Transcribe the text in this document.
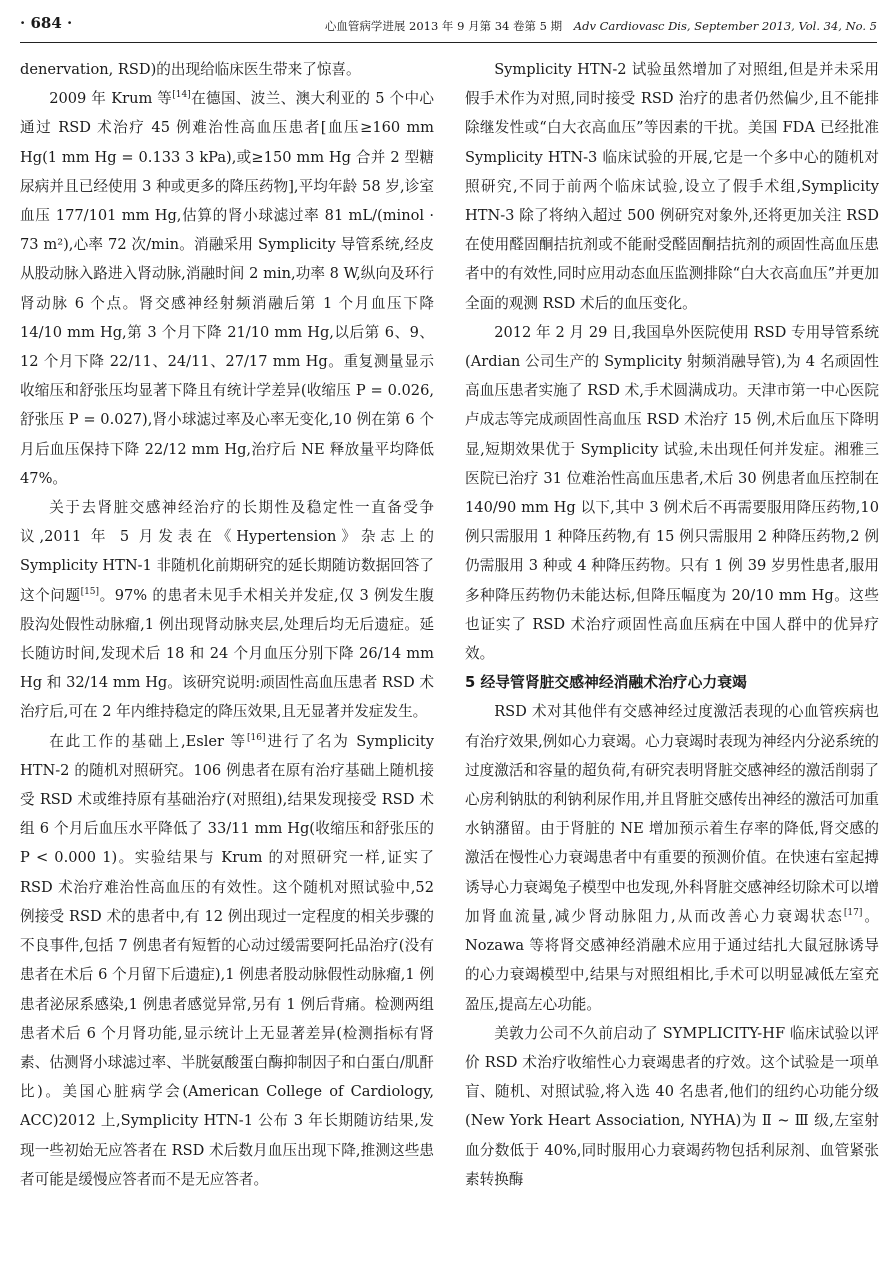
· 684 ·	心血管病学进展 2013 年 9 月第 34 卷第 5 期 Adv Cardiovasc Dis, September 2013, Vol. 34, No. 5

denervation, RSD)的出现给临床医生带来了惊喜。

2009 年 Krum 等[14]在德国、波兰、澳大利亚的 5 个中心通过 RSD 术治疗 45 例难治性高血压患者[血压≥160 mm Hg(1 mm Hg = 0.133 3 kPa),或≥150 mm Hg 合并 2 型糖尿病并且已经使用 3 种或更多的降压药物],平均年龄 58 岁,诊室血压 177/101 mm Hg,估算的肾小球滤过率 81 mL/(minol · 73 m²),心率 72 次/min。消融采用 Symplicity 导管系统,经皮从股动脉入路进入肾动脉,消融时间 2 min,功率 8 W,纵向及环行肾动脉 6 个点。肾交感神经射频消融后第 1 个月血压下降 14/10 mm Hg,第 3 个月下降 21/10 mm Hg,以后第 6、9、12 个月下降 22/11、24/11、27/17 mm Hg。重复测量显示收缩压和舒张压均显著下降且有统计学差异(收缩压 P = 0.026,舒张压 P = 0.027),肾小球滤过率及心率无变化,10 例在第 6 个月后血压保持下降 22/12 mm Hg,治疗后 NE 释放量平均降低 47%。

关于去肾脏交感神经治疗的长期性及稳定性一直备受争议,2011 年 5 月发表在《Hypertension》杂志上的 Symplicity HTN-1 非随机化前期研究的延长期随访数据回答了这个问题[15]。97% 的患者未见手术相关并发症,仅 3 例发生腹股沟处假性动脉瘤,1 例出现肾动脉夹层,处理后均无后遗症。延长随访时间,发现术后 18 和 24 个月血压分别下降 26/14 mm Hg 和 32/14 mm Hg。该研究说明:顽固性高血压患者 RSD 术治疗后,可在 2 年内维持稳定的降压效果,且无显著并发症发生。

在此工作的基础上,Esler 等[16]进行了名为 Symplicity HTN-2 的随机对照研究。106 例患者在原有治疗基础上随机接受 RSD 术或维持原有基础治疗(对照组),结果发现接受 RSD 术组 6 个月后血压水平降低了 33/11 mm Hg(收缩压和舒张压的 P < 0.000 1)。实验结果与 Krum 的对照研究一样,证实了 RSD 术治疗难治性高血压的有效性。这个随机对照试验中,52 例接受 RSD 术的患者中,有 12 例出现过一定程度的相关步骤的不良事件,包括 7 例患者有短暂的心动过缓需要阿托品治疗(没有患者在术后 6 个月留下后遗症),1 例患者股动脉假性动脉瘤,1 例患者泌尿系感染,1 例患者感觉异常,另有 1 例后背痛。检测两组患者术后 6 个月肾功能,显示统计上无显著差异(检测指标有肾素、估测肾小球滤过率、半胱氨酸蛋白酶抑制因子和白蛋白/肌酐比)。美国心脏病学会(American College of Cardiology, ACC)2012 上,Symplicity HTN-1 公布 3 年长期随访结果,发现一些初始无应答者在 RSD 术后数月血压出现下降,推测这些患者可能是缓慢应答者而不是无应答者。

Symplicity HTN-2 试验虽然增加了对照组,但是并未采用假手术作为对照,同时接受 RSD 治疗的患者仍然偏少,且不能排除继发性或“白大衣高血压”等因素的干扰。美国 FDA 已经批准 Symplicity HTN-3 临床试验的开展,它是一个多中心的随机对照研究,不同于前两个临床试验,设立了假手术组,Symplicity HTN-3 除了将纳入超过 500 例研究对象外,还将更加关注 RSD 在使用醛固酮拮抗剂或不能耐受醛固酮拮抗剂的顽固性高血压患者中的有效性,同时应用动态血压监测排除“白大衣高血压”并更加全面的观测 RSD 术后的血压变化。

2012 年 2 月 29 日,我国阜外医院使用 RSD 专用导管系统(Ardian 公司生产的 Symplicity 射频消融导管),为 4 名顽固性高血压患者实施了 RSD 术,手术圆满成功。天津市第一中心医院卢成志等完成顽固性高血压 RSD 术治疗 15 例,术后血压下降明显,短期效果优于 Symplicity 试验,未出现任何并发症。湘雅三医院已治疗 31 位难治性高血压患者,术后 30 例患者血压控制在 140/90 mm Hg 以下,其中 3 例术后不再需要服用降压药物,10 例只需服用 1 种降压药物,有 15 例只需服用 2 种降压药物,2 例仍需服用 3 种或 4 种降压药物。只有 1 例 39 岁男性患者,服用多种降压药物仍未能达标,但降压幅度为 20/10 mm Hg。这些也证实了 RSD 术治疗顽固性高血压病在中国人群中的优异疗效。

5 经导管肾脏交感神经消融术治疗心力衰竭

RSD 术对其他伴有交感神经过度激活表现的心血管疾病也有治疗效果,例如心力衰竭。心力衰竭时表现为神经内分泌系统的过度激活和容量的超负荷,有研究表明肾脏交感神经的激活削弱了心房利钠肽的利钠利尿作用,并且肾脏交感传出神经的激活可加重水钠潴留。由于肾脏的 NE 增加预示着生存率的降低,肾交感的激活在慢性心力衰竭患者中有重要的预测价值。在快速右室起搏诱导心力衰竭兔子模型中也发现,外科肾脏交感神经切除术可以增加肾血流量,减少肾动脉阻力,从而改善心力衰竭状态[17]。Nozawa 等将肾交感神经消融术应用于通过结扎大鼠冠脉诱导的心力衰竭模型中,结果与对照组相比,手术可以明显减低左室充盈压,提高左心功能。

美敦力公司不久前启动了 SYMPLICITY-HF 临床试验以评价 RSD 术治疗收缩性心力衰竭患者的疗效。这个试验是一项单盲、随机、对照试验,将入选 40 名患者,他们的纽约心功能分级(New York Heart Association, NYHA)为 Ⅱ ~ Ⅲ 级,左室射血分数低于 40%,同时服用心力衰竭药物包括利尿剂、血管紧张素转换酶
